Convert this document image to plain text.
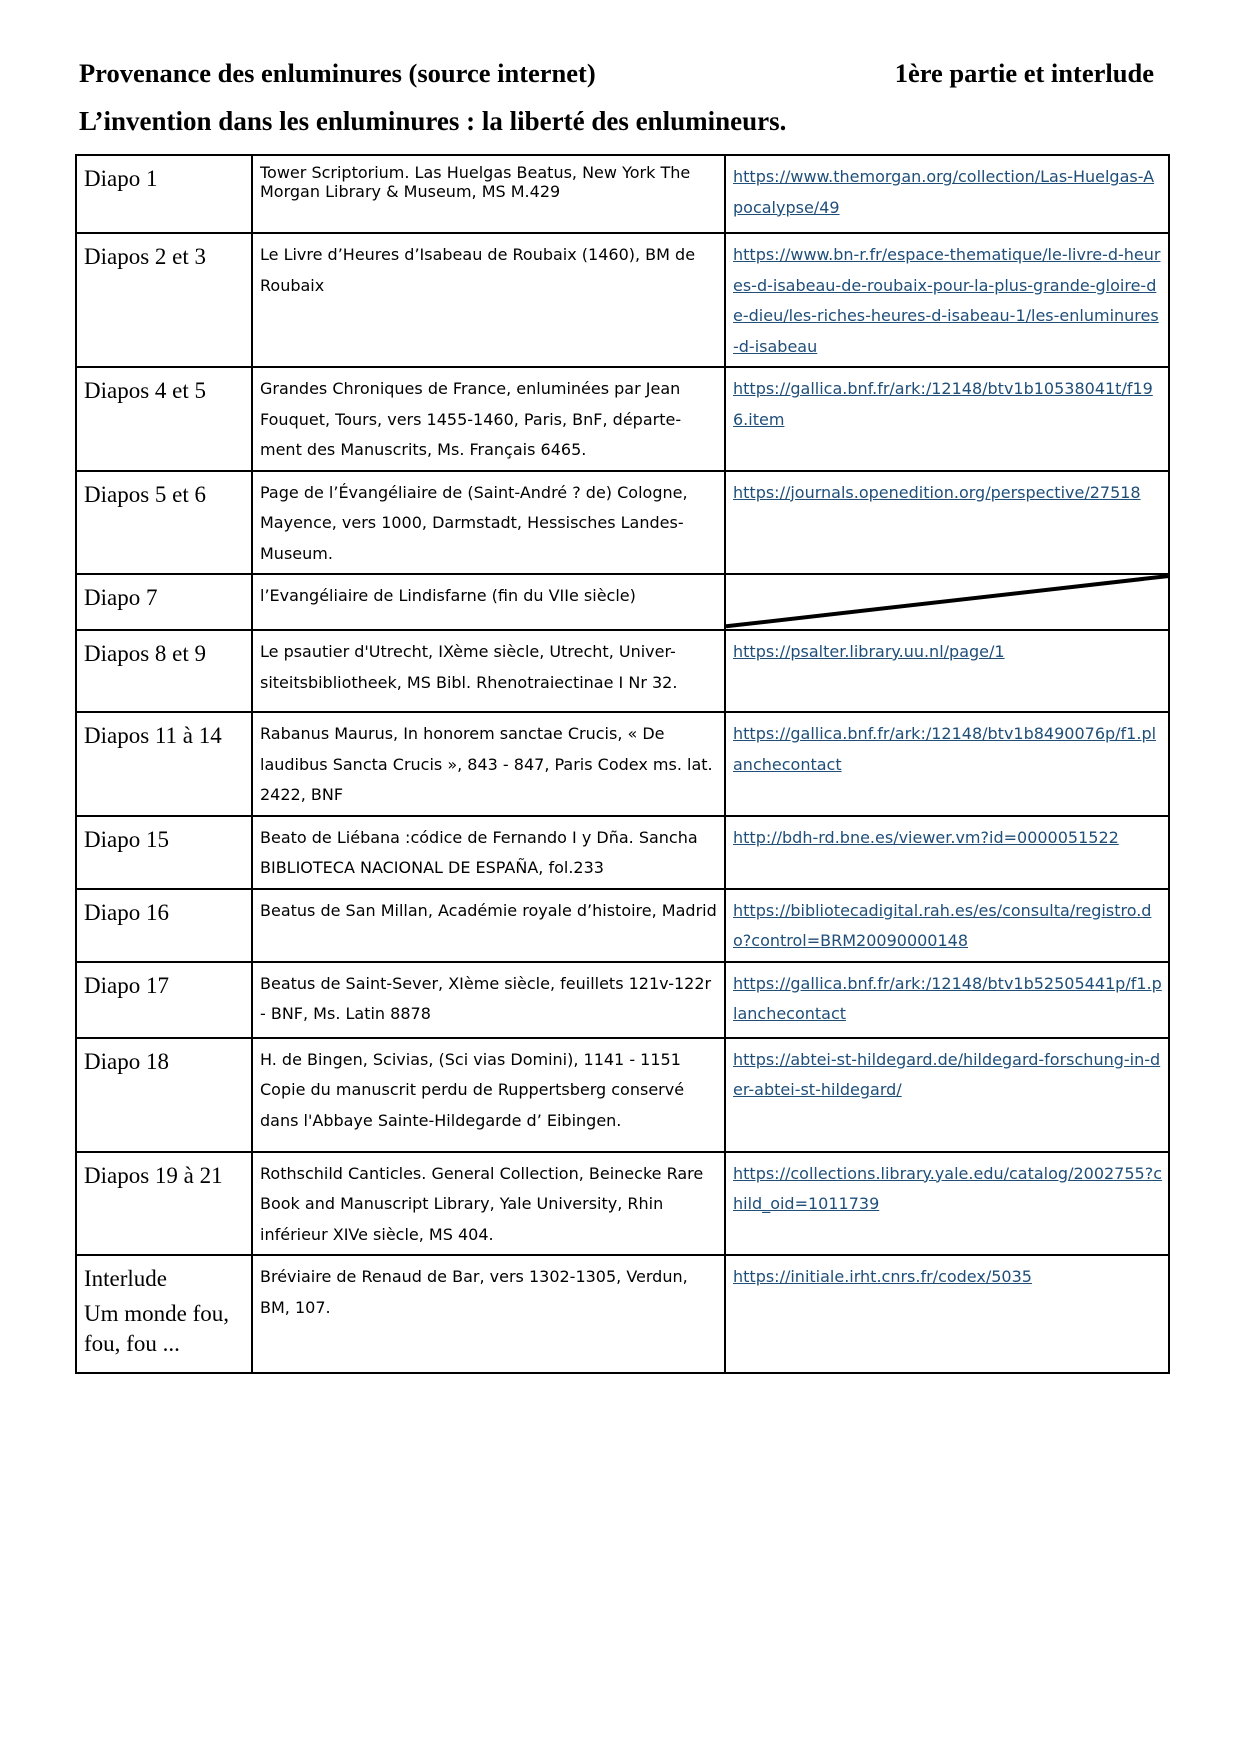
Provenance des enluminures (source internet)	1ère partie et interlude
L’invention dans les enluminures : la liberté des enlumineurs.
Diapo 1	Tower Scriptorium. Las Huelgas Beatus, New York The Morgan Library & Museum, MS M.429	https://www.themorgan.org/collection/Las-Huelgas-Apocalypse/49

Diapos 2 et 3	Le Livre d’Heures d’Isabeau de Roubaix (1460), BM de Roubaix	https://www.bn-r.fr/espace-thematique/le-livre-d-heures-d-isabeau-de-roubaix-pour-la-plus-grande-gloire-de-dieu/les-riches-heures-d-isabeau-1/les-enluminures-d-isabeau

Diapos 4 et 5	Grandes Chroniques de France, enluminées par Jean Fouquet, Tours, vers 1455-1460, Paris, BnF, départe-ment des Manuscrits, Ms. Français 6465.	https://gallica.bnf.fr/ark:/12148/btv1b10538041t/f196.item

Diapos 5 et 6	Page de l’Évangéliaire de (Saint-André ? de) Cologne, Mayence, vers 1000, Darmstadt, Hessisches Landes-Museum.	https://journals.openedition.org/perspective/27518

Diapo 7	l’Evangéliaire de Lindisfarne (fin du VIIe siècle)

Diapos 8 et 9	Le psautier d'Utrecht, IXème siècle, Utrecht, Univer-siteitsbibliotheek, MS Bibl. Rhenotraiectinae I Nr 32.	https://psalter.library.uu.nl/page/1

Diapos 11 à 14	Rabanus Maurus, In honorem sanctae Crucis, « De laudibus Sancta Crucis », 843 - 847, Paris Codex ms. lat. 2422, BNF	https://gallica.bnf.fr/ark:/12148/btv1b8490076p/f1.planchecontact

Diapo 15	Beato de Liébana :códice de Fernando I y Dña. Sancha BIBLIOTECA NACIONAL DE ESPAÑA, fol.233	http://bdh-rd.bne.es/viewer.vm?id=0000051522

Diapo 16	Beatus de San Millan, Académie royale d’histoire, Madrid	https://bibliotecadigital.rah.es/es/consulta/registro.do?control=BRM20090000148

Diapo 17	Beatus de Saint-Sever, XIème siècle, feuillets 121v-122r - BNF, Ms. Latin 8878	https://gallica.bnf.fr/ark:/12148/btv1b52505441p/f1.planchecontact

Diapo 18	H. de Bingen, Scivias, (Sci vias Domini), 1141 - 1151 Copie du manuscrit perdu de Ruppertsberg conservé dans l'Abbaye Sainte-Hildegarde d’ Eibingen.	https://abtei-st-hildegard.de/hildegard-forschung-in-der-abtei-st-hildegard/

Diapos 19 à 21	Rothschild Canticles. General Collection, Beinecke Rare Book and Manuscript Library, Yale University, Rhin inférieur XIVe siècle, MS 404.	https://collections.library.yale.edu/catalog/2002755?child_oid=1011739

Interlude
Um monde fou, fou, fou ...	Bréviaire de Renaud de Bar, vers 1302-1305, Verdun, BM, 107.	https://initiale.irht.cnrs.fr/codex/5035
